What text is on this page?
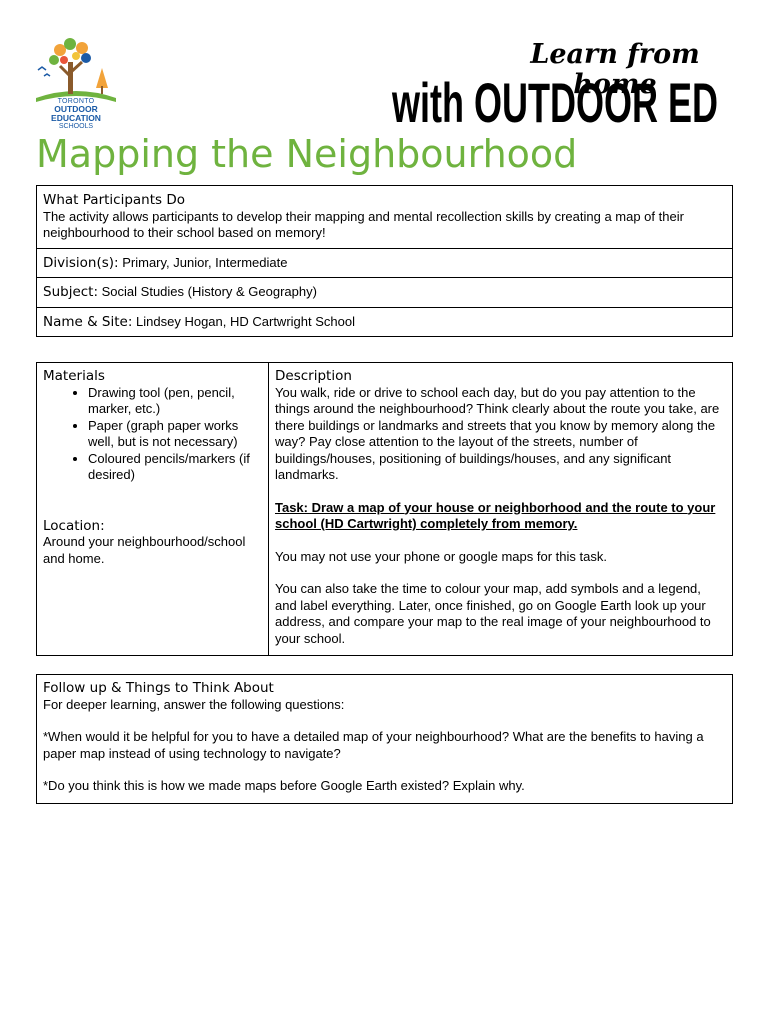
TORONTO
OUTDOOR EDUCATION
SCHOOLS
Learn from home
with OUTDOOR ED
Mapping the Neighbourhood
What Participants Do
The activity allows participants to develop their mapping and mental recollection skills by creating a map of their neighbourhood to their school based on memory!

Division(s): Primary, Junior, Intermediate
Subject: Social Studies (History & Geography)
Name & Site: Lindsey Hogan, HD Cartwright School
Materials
• Drawing tool (pen, pencil, marker, etc.)
• Paper (graph paper works well, but is not necessary)
• Coloured pencils/markers (if desired)
Location:
Around your neighbourhood/school and home.

Description

You walk, ride or drive to school each day, but do you pay attention to the things around the neighbourhood? Think clearly about the route you take, are there buildings or landmarks and streets that you know by memory along the way? Pay close attention to the layout of the streets, number of buildings/houses, positioning of buildings/houses, and any significant landmarks.

Task: Draw a map of your house or neighborhood and the route to your school (HD Cartwright) completely from memory.

You may not use your phone or google maps for this task.

You can also take the time to colour your map, add symbols and a legend, and label everything. Later, once finished, go on Google Earth look up your address, and compare your map to the real image of your neighbourhood to your school.

Follow up & Things to Think About

For deeper learning, answer the following questions:

*When would it be helpful for you to have a detailed map of your neighbourhood? What are the benefits to having a paper map instead of using technology to navigate?

*Do you think this is how we made maps before Google Earth existed? Explain why.
